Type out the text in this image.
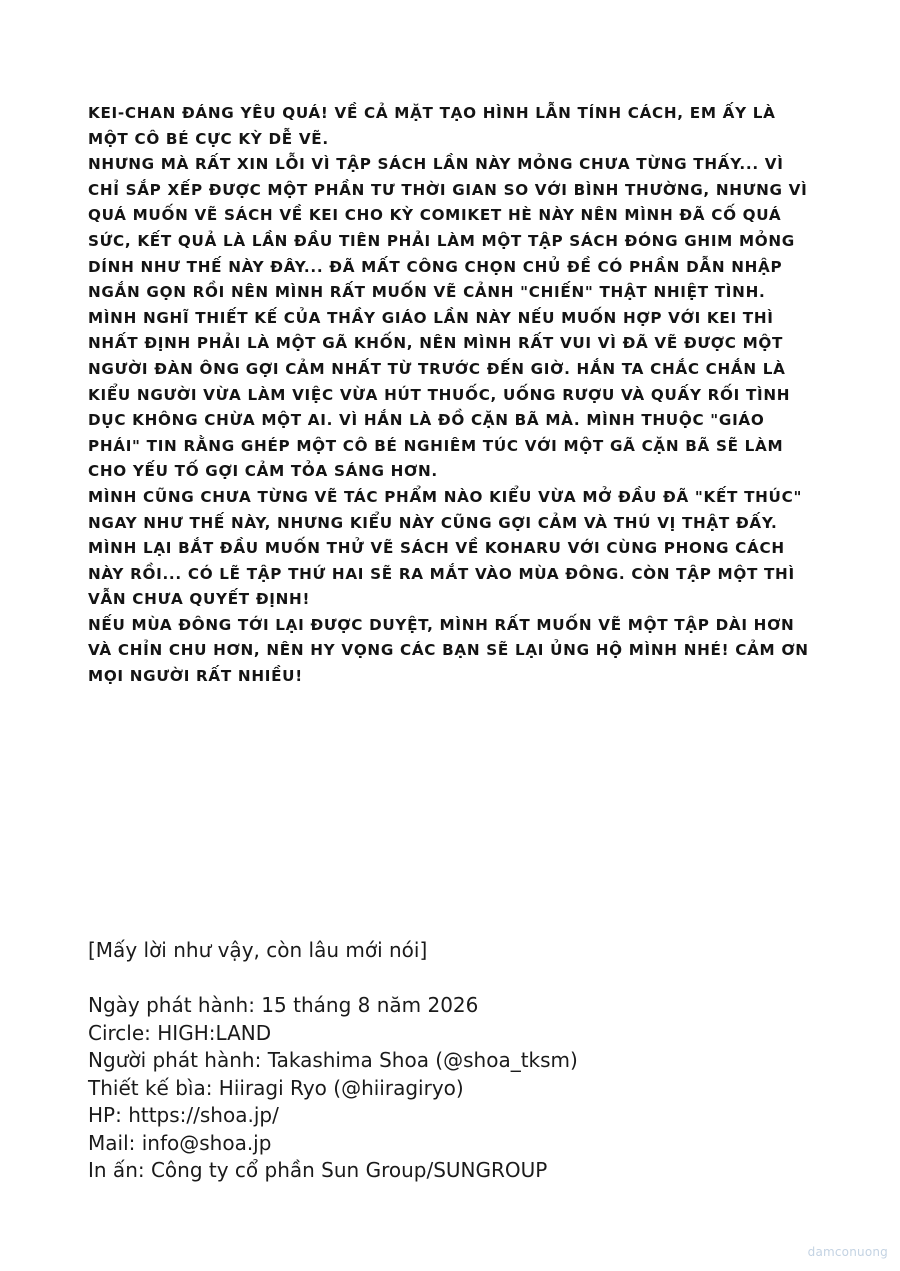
KEI-CHAN ĐÁNG YÊU QUÁ! VỀ CẢ MẶT TẠO HÌNH LẪN TÍNH CÁCH, EM ẤY LÀ MỘT CÔ BÉ CỰC KỲ DỄ VẼ.

NHƯNG MÀ RẤT XIN LỖI VÌ TẬP SÁCH LẦN NÀY MỎNG CHƯA TỪNG THẤY... VÌ CHỈ SẮP XẾP ĐƯỢC MỘT PHẦN TƯ THỜI GIAN SO VỚI BÌNH THƯỜNG, NHƯNG VÌ QUÁ MUỐN VẼ SÁCH VỀ KEI CHO KỲ COMIKET HÈ NÀY NÊN MÌNH ĐÃ CỐ QUÁ SỨC, KẾT QUẢ LÀ LẦN ĐẦU TIÊN PHẢI LÀM MỘT TẬP SÁCH ĐÓNG GHIM MỎNG DÍNH NHƯ THẾ NÀY ĐÂY... ĐÃ MẤT CÔNG CHỌN CHỦ ĐỀ CÓ PHẦN DẪN NHẬP NGẮN GỌN RỒI NÊN MÌNH RẤT MUỐN VẼ CẢNH "CHIẾN" THẬT NHIỆT TÌNH.

MÌNH NGHĨ THIẾT KẾ CỦA THẦY GIÁO LẦN NÀY NẾU MUỐN HỢP VỚI KEI THÌ NHẤT ĐỊNH PHẢI LÀ MỘT GÃ KHỐN, NÊN MÌNH RẤT VUI VÌ ĐÃ VẼ ĐƯỢC MỘT NGƯỜI ĐÀN ÔNG GỢI CẢM NHẤT TỪ TRƯỚC ĐẾN GIỜ. HẮN TA CHẮC CHẮN LÀ KIỂU NGƯỜI VỪA LÀM VIỆC VỪA HÚT THUỐC, UỐNG RƯỢU VÀ QUẤY RỐI TÌNH DỤC KHÔNG CHỪA MỘT AI. VÌ HẮN LÀ ĐỒ CẶN BÃ MÀ. MÌNH THUỘC "GIÁO PHÁI" TIN RẰNG GHÉP MỘT CÔ BÉ NGHIÊM TÚC VỚI MỘT GÃ CẶN BÃ SẼ LÀM CHO YẾU TỐ GỢI CẢM TỎA SÁNG HƠN.

MÌNH CŨNG CHƯA TỪNG VẼ TÁC PHẨM NÀO KIỂU VỪA MỞ ĐẦU ĐÃ "KẾT THÚC" NGAY NHƯ THẾ NÀY, NHƯNG KIỂU NÀY CŨNG GỢI CẢM VÀ THÚ VỊ THẬT ĐẤY. MÌNH LẠI BẮT ĐẦU MUỐN THỬ VẼ SÁCH VỀ KOHARU VỚI CÙNG PHONG CÁCH NÀY RỒI... CÓ LẼ TẬP THỨ HAI SẼ RA MẮT VÀO MÙA ĐÔNG. CÒN TẬP MỘT THÌ VẪN CHƯA QUYẾT ĐỊNH!

NẾU MÙA ĐÔNG TỚI LẠI ĐƯỢC DUYỆT, MÌNH RẤT MUỐN VẼ MỘT TẬP DÀI HƠN VÀ CHỈN CHU HƠN, NÊN HY VỌNG CÁC BẠN SẼ LẠI ỦNG HỘ MÌNH NHÉ! CẢM ƠN MỌI NGƯỜI RẤT NHIỀU!

[Mấy lời như vậy, còn lâu mới nói]

Ngày phát hành: 15 tháng 8 năm 2026

Circle: HIGH:LAND

Người phát hành: Takashima Shoa (@shoa_tksm)

Thiết kế bìa: Hiiragi Ryo (@hiiragiryo)

HP: https://shoa.jp/

Mail: info@shoa.jp

In ấn: Công ty cổ phần Sun Group/SUNGROUP

damconuong
